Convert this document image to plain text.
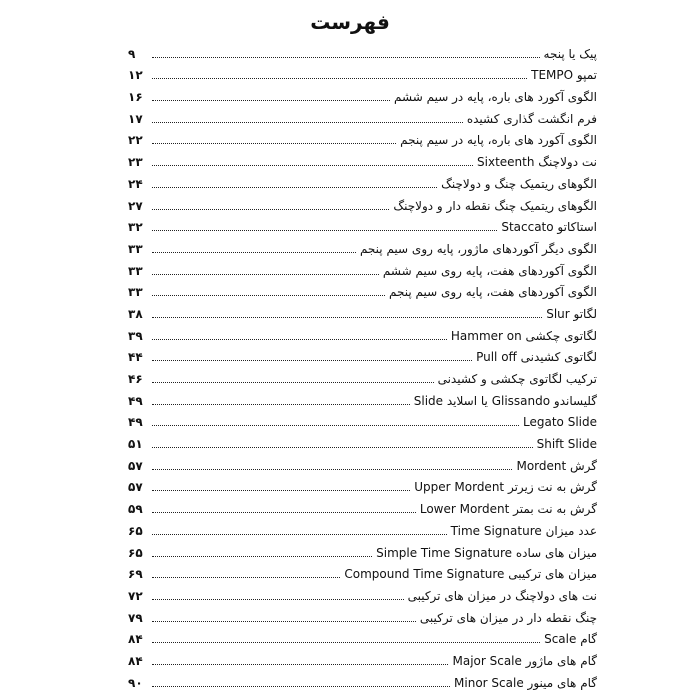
فهرست
پیک یا پنجه
۹
تمپو TEMPO
۱۲
الگوی آکورد های باره، پایه در سیم ششم
۱۶
فرم انگشت گذاری کشیده
۱۷
الگوی آکورد های باره، پایه در سیم پنجم
۲۲
نت دولاچنگ Sixteenth
۲۳
الگوهای ریتمیک چنگ و دولاچنگ
۲۴
الگوهای ریتمیک چنگ نقطه دار و دولاچنگ
۲۷
استاکاتو Staccato
۳۲
الگوی دیگر آکوردهای ماژور، پایه روی سیم پنجم
۳۳
الگوی آکوردهای هفت، پایه روی سیم ششم
۳۳
الگوی آکوردهای هفت، پایه روی سیم پنجم
۳۳
لگاتو Slur
۳۸
لگاتوی چکشی Hammer on
۳۹
لگاتوی کشیدنی Pull off
۴۴
ترکیب لگاتوی چکشی و کشیدنی
۴۶
گلیساندو Glissando یا اسلاید Slide
۴۹
Legato Slide
۴۹
Shift Slide
۵۱
گرش Mordent
۵۷
گرش به نت زیرتر Upper Mordent
۵۷
گرش به نت بمتر Lower Mordent
۵۹
عدد میزان Time Signature
۶۵
میزان های ساده Simple Time Signature
۶۵
میزان های ترکیبی Compound Time Signature
۶۹
نت های دولاچنگ در میزان های ترکیبی
۷۲
چنگ نقطه دار در میزان های ترکیبی
۷۹
گام Scale
۸۴
گام های ماژور Major Scale
۸۴
گام های مینور Minor Scale
۹۰
